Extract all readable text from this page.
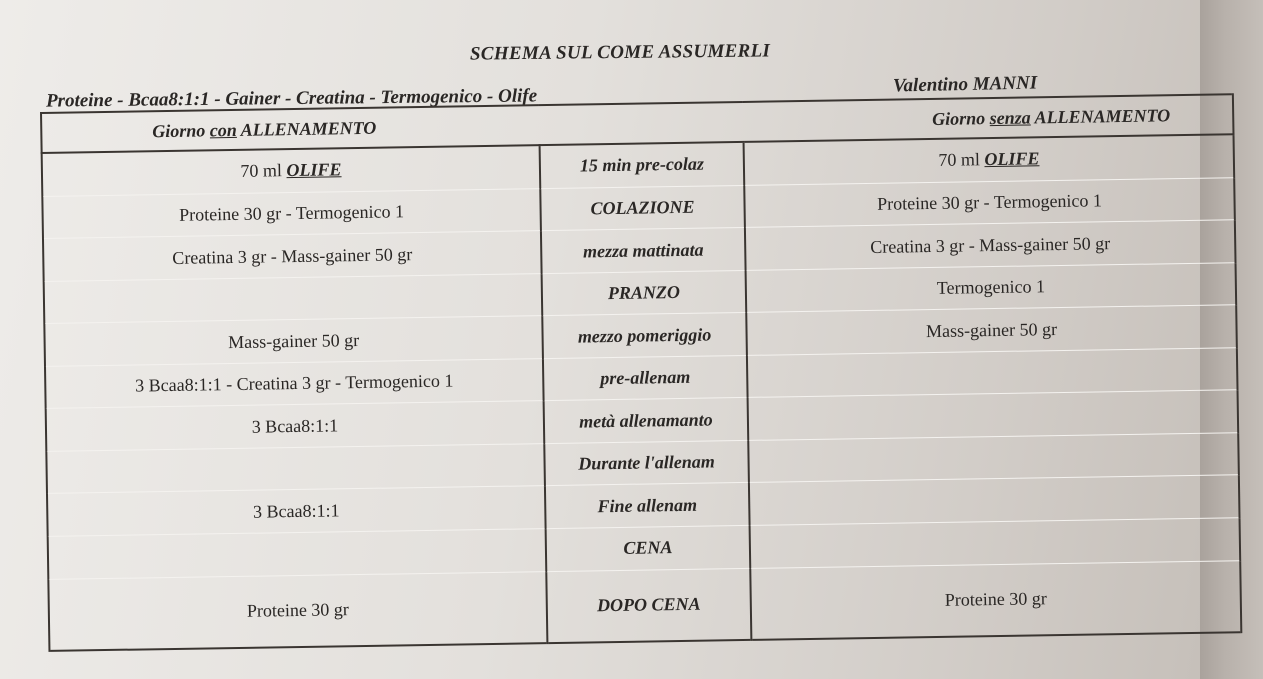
SCHEMA SUL COME ASSUMERLI
Proteine - Bcaa8:1:1 - Gainer - Creatina - Termogenico - Olife
Valentino MANNI
Giorno con ALLENAMENTO		Giorno senza ALLENAMENTO
70 ml OLIFE	15 min pre-colaz	70 ml OLIFE
Proteine 30 gr - Termogenico 1	COLAZIONE	Proteine 30 gr - Termogenico 1
Creatina 3 gr - Mass-gainer 50 gr	mezza mattinata	Creatina 3 gr - Mass-gainer 50 gr
	PRANZO	Termogenico 1
Mass-gainer 50 gr	mezzo pomeriggio	Mass-gainer 50 gr
3 Bcaa8:1:1 - Creatina 3 gr - Termogenico 1	pre-allenam	
3 Bcaa8:1:1	metà allenamanto	
	Durante l'allenam	
3 Bcaa8:1:1	Fine allenam	
	CENA	
Proteine 30 gr	DOPO CENA	Proteine 30 gr
